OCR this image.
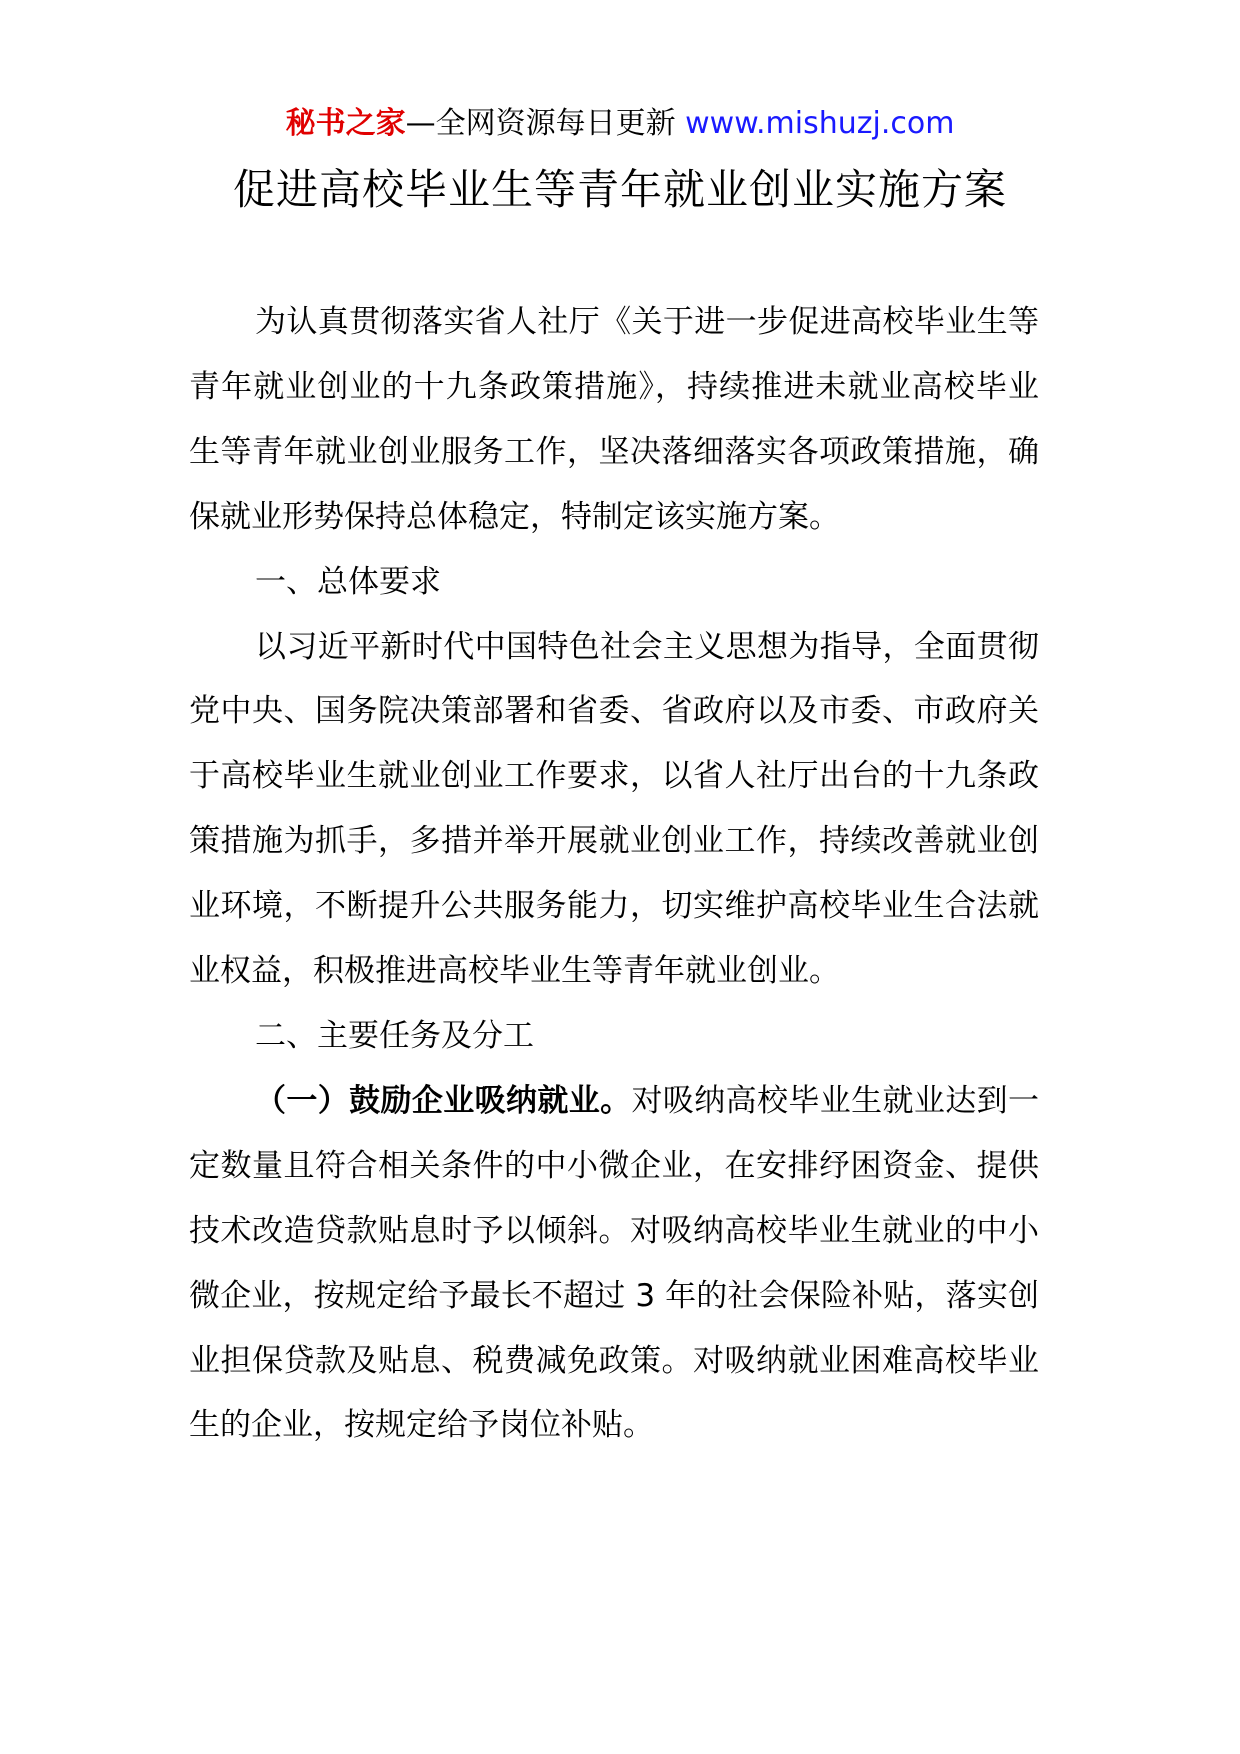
秘书之家—全网资源每日更新 www.mishuzj.com
促进高校毕业生等青年就业创业实施方案

为认真贯彻落实省人社厅《关于进一步促进高校毕业生等青年就业创业的十九条政策措施》，持续推进未就业高校毕业生等青年就业创业服务工作，坚决落细落实各项政策措施，确保就业形势保持总体稳定，特制定该实施方案。

一、总体要求

以习近平新时代中国特色社会主义思想为指导，全面贯彻党中央、国务院决策部署和省委、省政府以及市委、市政府关于高校毕业生就业创业工作要求，以省人社厅出台的十九条政策措施为抓手，多措并举开展就业创业工作，持续改善就业创业环境，不断提升公共服务能力，切实维护高校毕业生合法就业权益，积极推进高校毕业生等青年就业创业。

二、主要任务及分工

（一）鼓励企业吸纳就业。对吸纳高校毕业生就业达到一定数量且符合相关条件的中小微企业，在安排纾困资金、提供技术改造贷款贴息时予以倾斜。对吸纳高校毕业生就业的中小微企业，按规定给予最长不超过 3 年的社会保险补贴，落实创业担保贷款及贴息、税费减免政策。对吸纳就业困难高校毕业生的企业，按规定给予岗位补贴。
